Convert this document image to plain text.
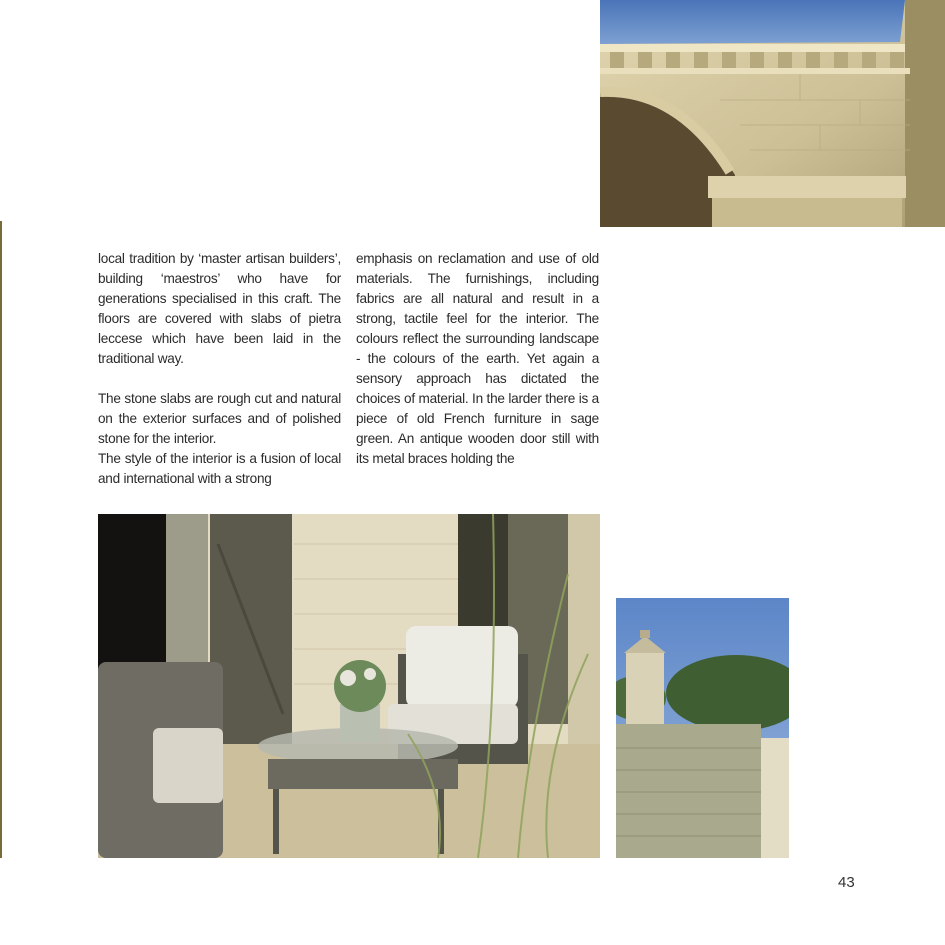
local tradition by ‘master artisan builders’, building ‘maestros’ who have for generations specialised in this craft. The floors are covered with slabs of pietra leccese which have been laid in the traditional way.

The stone slabs are rough cut and natural on the exterior surfaces and of polished stone for the interior.

The style of the interior is a fusion of local and international with a strong

emphasis on reclamation and use of old materials. The furnishings, including fabrics are all natural and result in a strong, tactile feel for the interior. The colours reflect the surrounding landscape - the colours of the earth. Yet again a sensory approach has dictated the choices of material. In the larder there is a piece of old French furniture in sage green. An antique wooden door still with its metal braces holding the

43
